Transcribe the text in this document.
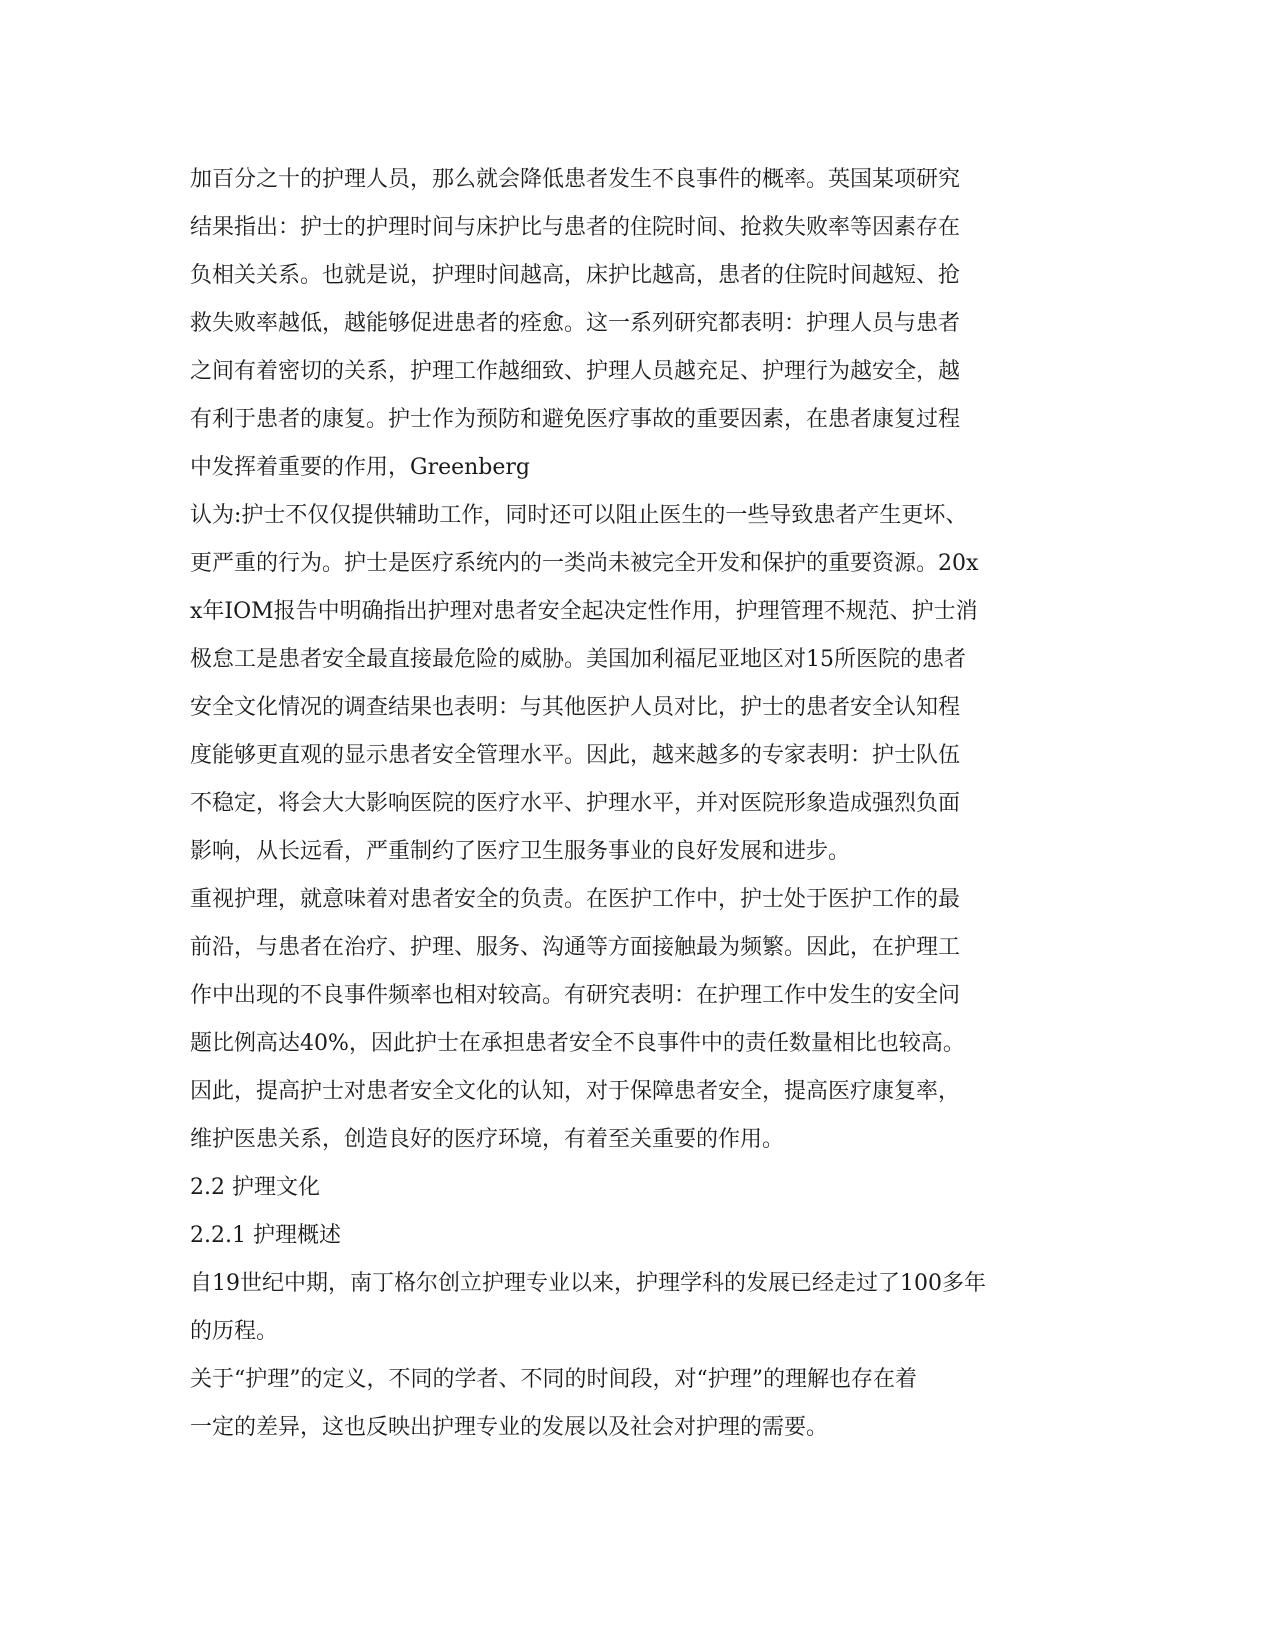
加百分之十的护理人员，那么就会降低患者发生不良事件的概率。英国某项研究
结果指出：护士的护理时间与床护比与患者的住院时间、抢救失败率等因素存在
负相关关系。也就是说，护理时间越高，床护比越高，患者的住院时间越短、抢
救失败率越低，越能够促进患者的痊愈。这一系列研究都表明：护理人员与患者
之间有着密切的关系，护理工作越细致、护理人员越充足、护理行为越安全，越
有利于患者的康复。护士作为预防和避免医疗事故的重要因素，在患者康复过程
中发挥着重要的作用，Greenberg
认为:护士不仅仅提供辅助工作，同时还可以阻止医生的一些导致患者产生更坏、
更严重的行为。护士是医疗系统内的一类尚未被完全开发和保护的重要资源。20x
x年IOM报告中明确指出护理对患者安全起决定性作用，护理管理不规范、护士消
极怠工是患者安全最直接最危险的威胁。美国加利福尼亚地区对15所医院的患者
安全文化情况的调查结果也表明：与其他医护人员对比，护士的患者安全认知程
度能够更直观的显示患者安全管理水平。因此，越来越多的专家表明：护士队伍
不稳定，将会大大影响医院的医疗水平、护理水平，并对医院形象造成强烈负面
影响，从长远看，严重制约了医疗卫生服务事业的良好发展和进步。
重视护理，就意味着对患者安全的负责。在医护工作中，护士处于医护工作的最
前沿，与患者在治疗、护理、服务、沟通等方面接触最为频繁。因此，在护理工
作中出现的不良事件频率也相对较高。有研究表明：在护理工作中发生的安全问
题比例高达40%，因此护士在承担患者安全不良事件中的责任数量相比也较高。
因此，提高护士对患者安全文化的认知，对于保障患者安全，提高医疗康复率，
维护医患关系，创造良好的医疗环境，有着至关重要的作用。
2.2 护理文化
2.2.1 护理概述
自19世纪中期，南丁格尔创立护理专业以来，护理学科的发展已经走过了100多年
的历程。
关于“护理”的定义，不同的学者、不同的时间段，对“护理”的理解也存在着
一定的差异，这也反映出护理专业的发展以及社会对护理的需要。
